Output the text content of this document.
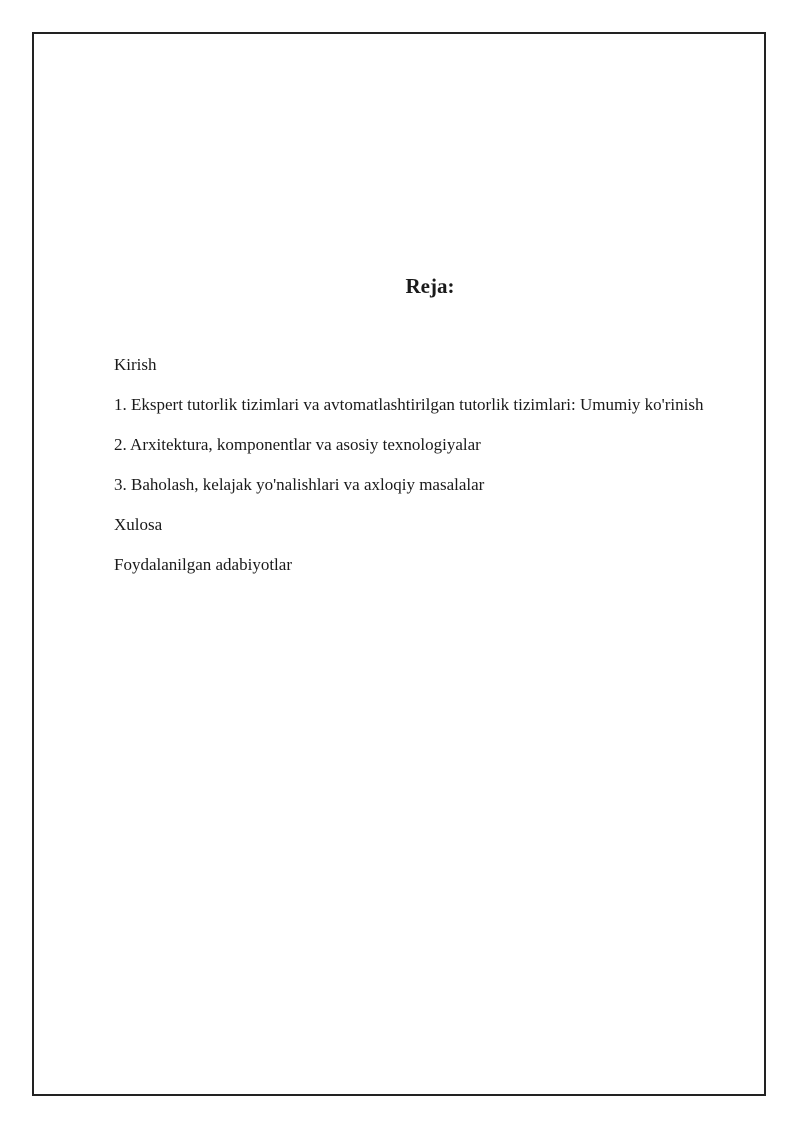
Reja:
Kirish
1. Ekspert tutorlik tizimlari va avtomatlashtirilgan tutorlik tizimlari: Umumiy ko'rinish
2. Arxitektura, komponentlar va asosiy texnologiyalar
3. Baholash, kelajak yo'nalishlari va axloqiy masalalar
Xulosa
Foydalanilgan adabiyotlar
